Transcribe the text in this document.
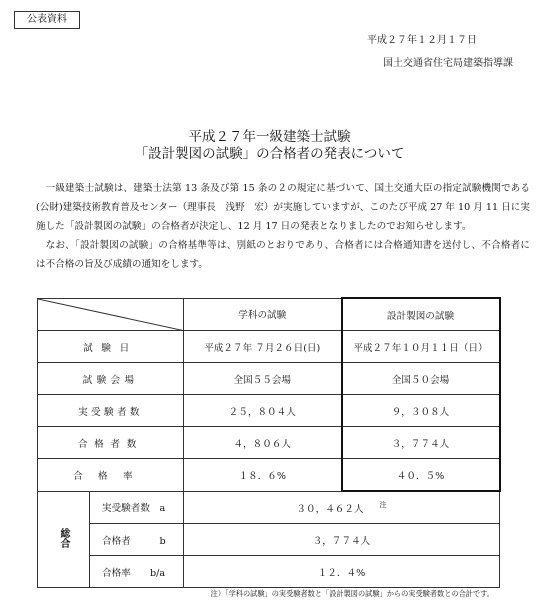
公表資料
平成２７年１２月１７日
国土交通省住宅局建築指導課
平成２７年一級建築士試験
「設計製図の試験」の合格者の発表について
一級建築士試験は、建築士法第 13 条及び第 15 条の２の規定に基づいて、国土交通大臣の指定試験機関である(公財)建築技術教育普及センター（理事長　浅野　宏）が実施していますが、このたび平成 27 年 10 月 11 日に実施した「設計製図の試験」の合格者が決定し、12 月 17 日の発表となりましたのでお知らせします。
なお、「設計製図の試験」の合格基準等は、別紙のとおりであり、合格者には合格通知書を送付し、不合格者には不合格の旨及び成績の通知をします。
	学科の試験	設計製図の試験
試験日		平成２７年 ７月２６日(日)	平成２７年１０月１１日（日）
試験会場		全国５５会場	全国５０会場
実受験者数		２５，８０４人	９，３０８人
合格者数		４，８０６人	３，７７４人
合格率		１８．６%	４０．５%
総合	実受験者数　a	３０，４６２人 $^注$
	合格者　　　b	３，７７４人	
	合格率　　b/a	１２．４%	
注）「学科の試験」の実受験者数と「設計製図の試験」からの実受験者数との合計です。
